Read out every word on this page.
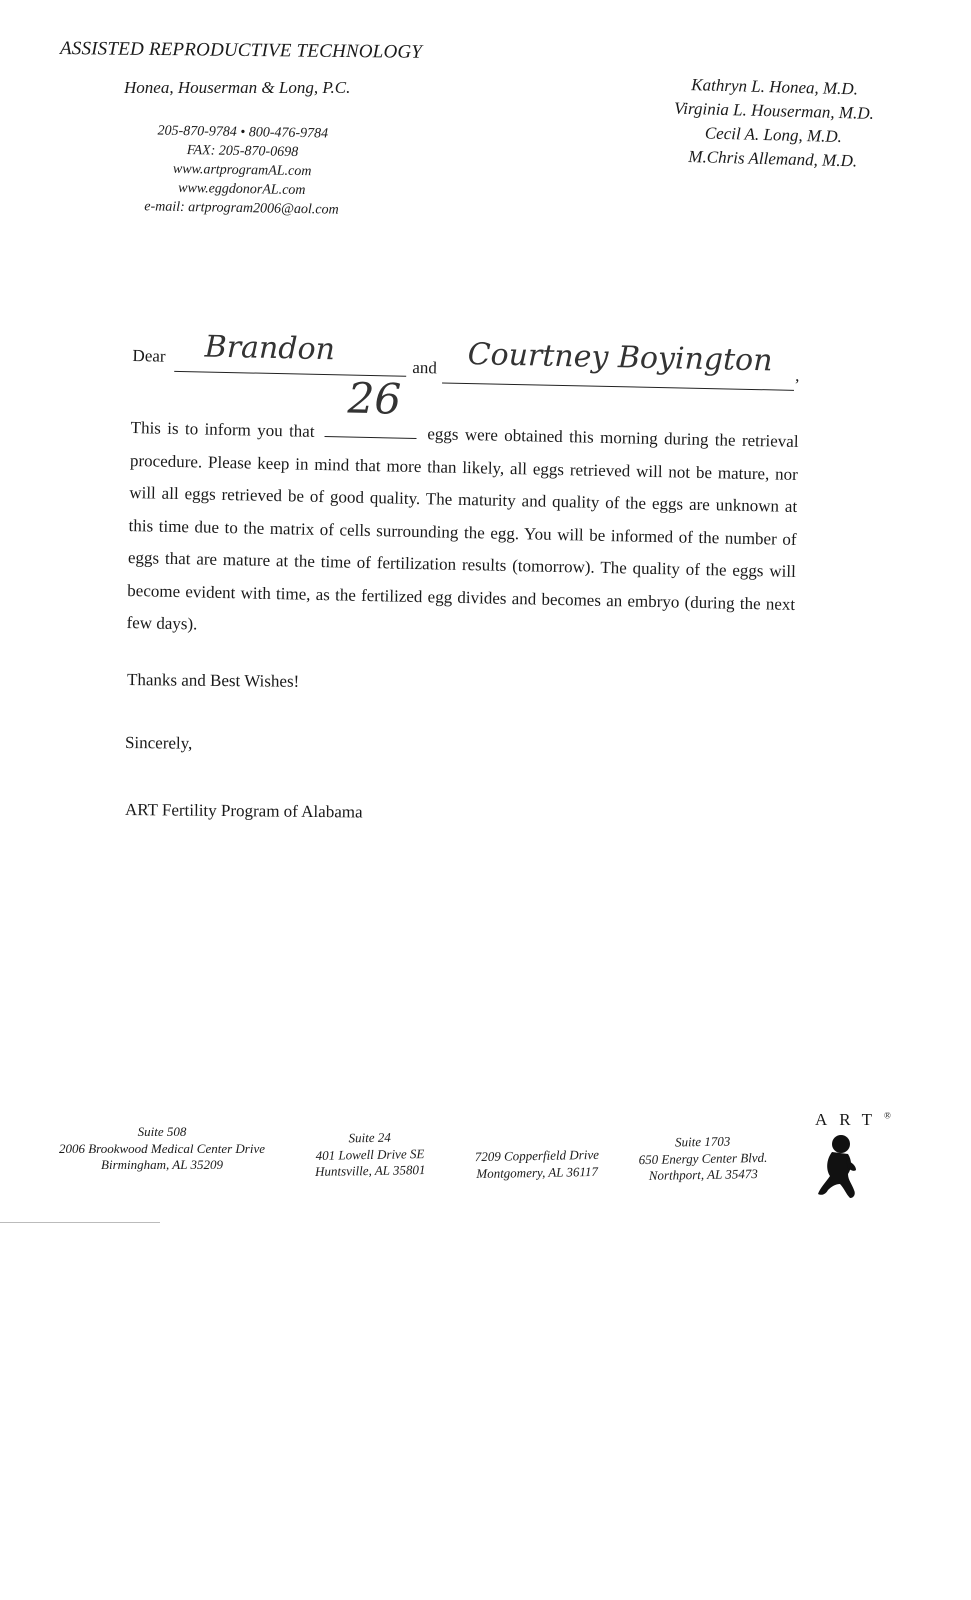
ASSISTED REPRODUCTIVE TECHNOLOGY
Honea, Houserman & Long, P.C.
205-870-9784 • 800-476-9784
FAX: 205-870-0698
www.artprogramAL.com
www.eggdonorAL.com
e-mail: artprogram2006@aol.com
Kathryn L. Honea, M.D.
Virginia L. Houserman, M.D.
Cecil A. Long, M.D.
M.Chris Allemand, M.D.
Dear Brandon
and Courtney Boyington ,
This is to inform you that
26
eggs were obtained this morning during the retrieval procedure. Please keep in mind that more than likely, all eggs retrieved will not be mature, nor will all eggs retrieved be of good quality. The maturity and quality of the eggs are unknown at this time due to the matrix of cells surrounding the egg. You will be informed of the number of eggs that are mature at the time of fertilization results (tomorrow). The quality of the eggs will become evident with time, as the fertilized egg divides and becomes an embryo (during the next few days).
Thanks and Best Wishes!
Sincerely,
ART Fertility Program of Alabama
Suite 508
2006 Brookwood Medical Center Drive
Birmingham, AL 35209
Suite 24
401 Lowell Drive SE
Huntsville, AL 35801
7209 Copperfield Drive
Montgomery, AL 36117
Suite 1703
650 Energy Center Blvd.
Northport, AL 35473
ART®
